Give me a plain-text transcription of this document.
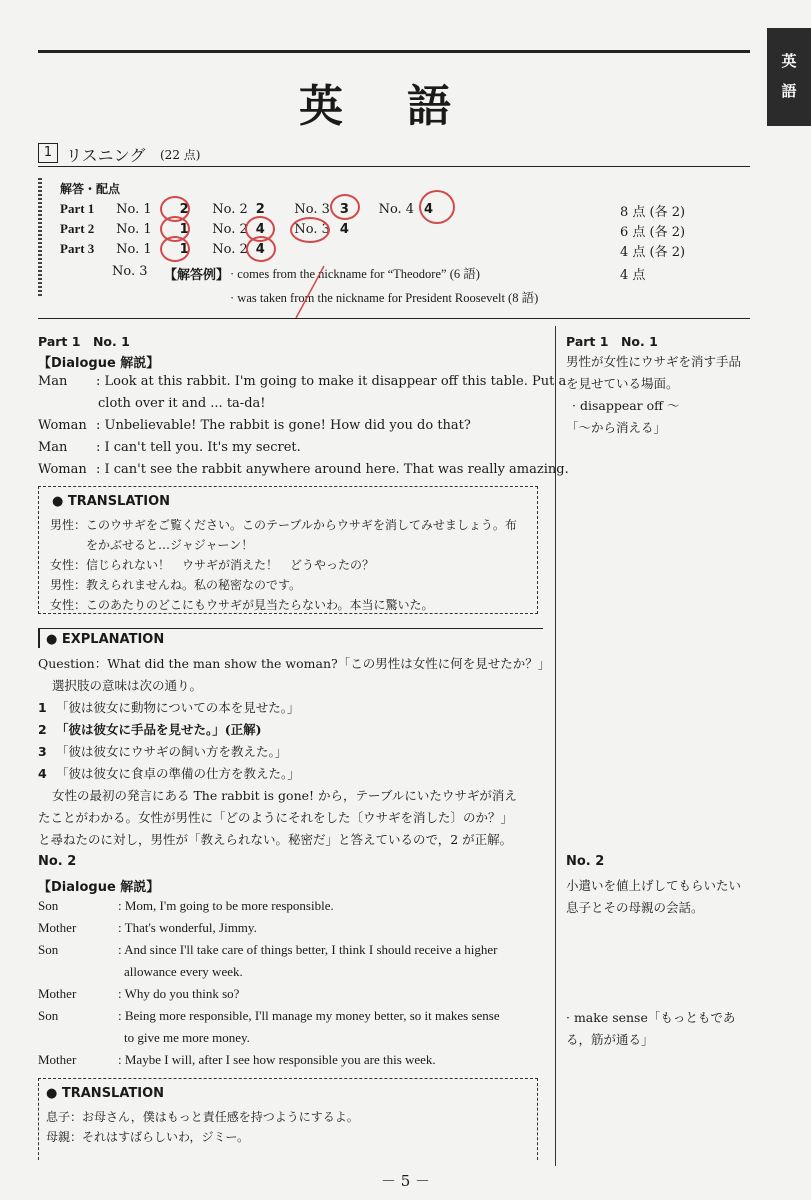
英
語
英　語
1 リスニング (22 点)
解答・配点
Part 1 No. 1 2 No. 2 2 No. 3 3 No. 4 4	8 点 (各 2)
Part 2 No. 1 1 No. 2 4 No. 3 4	6 点 (各 2)
Part 3 No. 1 1 No. 2 4	4 点 (各 2)
No. 3 【解答例】 · comes from the nickname for “Theodore” (6 語)	4 点
· was taken from the nickname for President Roosevelt (8 語)
Part 1　No. 1
【Dialogue 解説】
Man : Look at this rabbit. I'm going to make it disappear off this table. Put a
cloth over it and ... ta-da!
Woman : Unbelievable! The rabbit is gone! How did you do that?
Man : I can't tell you. It's my secret.
Woman : I can't see the rabbit anywhere around here. That was really amazing.
● TRANSLATION
男性：このウサギをご覧ください。このテーブルからウサギを消してみせましょう。布
　　　をかぶせると…ジャジャーン！
女性：信じられない！　ウサギが消えた！　どうやったの？
男性：教えられませんね。私の秘密なのです。
女性：このあたりのどこにもウサギが見当たらないわ。本当に驚いた。
● EXPLANATION
Question：What did the man show the woman?「この男性は女性に何を見せたか？」
選択肢の意味は次の通り。
1 「彼は彼女に動物についての本を見せた。」
2 「彼は彼女に手品を見せた。」(正解)
3 「彼は彼女にウサギの飼い方を教えた。」
4 「彼は彼女に食卓の準備の仕方を教えた。」
女性の最初の発言にある The rabbit is gone! から，テーブルにいたウサギが消え
たことがわかる。女性が男性に「どのようにそれをした〔ウサギを消した〕のか？」
と尋ねたのに対し，男性が「教えられない。秘密だ」と答えているので，2 が正解。
Part 1　No. 1
男性が女性にウサギを消す手品
を見せている場面。
· disappear off ～
「～から消える」
No. 2
【Dialogue 解説】
Son	: Mom, I'm going to be more responsible.
Mother	: That's wonderful, Jimmy.
Son	: And since I'll take care of things better, I think I should receive a higher
allowance every week.
Mother	: Why do you think so?
Son	: Being more responsible, I'll manage my money better, so it makes sense
to give me more money.
Mother	: Maybe I will, after I see how responsible you are this week.
● TRANSLATION
息子：お母さん，僕はもっと責任感を持つようにするよ。
母親：それはすばらしいわ，ジミー。
No. 2
小遣いを値上げしてもらいたい
息子とその母親の会話。
· make sense「もっともであ
る，筋が通る」
－ 5 －
